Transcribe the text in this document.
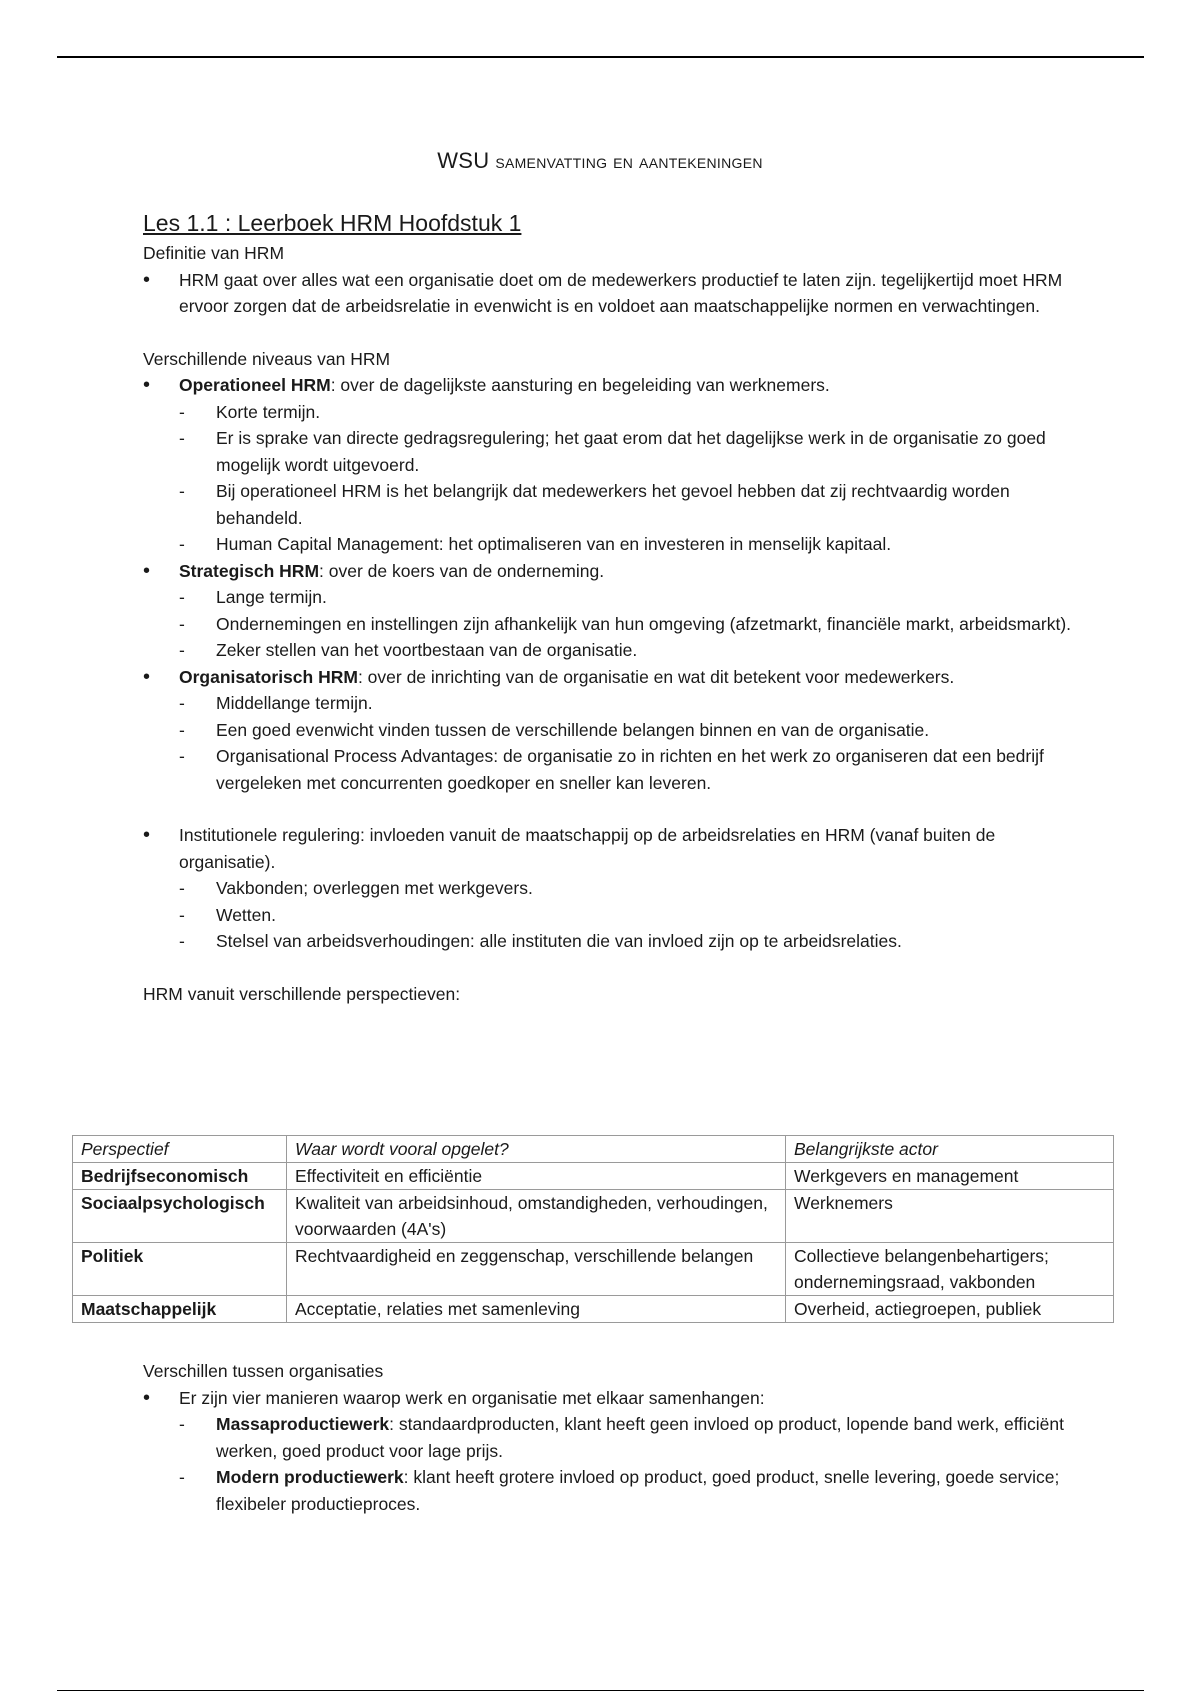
WSU samenvatting en aantekeningen
Les 1.1 : Leerboek HRM Hoofdstuk 1

Definitie van HRM

• HRM gaat over alles wat een organisatie doet om de medewerkers productief te laten zijn. tegelijkertijd moet HRM ervoor zorgen dat de arbeidsrelatie in evenwicht is en voldoet aan maatschappelijke normen en verwachtingen.

Verschillende niveaus van HRM

• Operationeel HRM: over de dagelijkste aansturing en begeleiding van werknemers.
- Korte termijn.
- Er is sprake van directe gedragsregulering; het gaat erom dat het dagelijkse werk in de organisatie zo goed mogelijk wordt uitgevoerd.
- Bij operationeel HRM is het belangrijk dat medewerkers het gevoel hebben dat zij rechtvaardig worden behandeld.
- Human Capital Management: het optimaliseren van en investeren in menselijk kapitaal.
• Strategisch HRM: over de koers van de onderneming.
- Lange termijn.
- Ondernemingen en instellingen zijn afhankelijk van hun omgeving (afzetmarkt, financiële markt, arbeidsmarkt).
- Zeker stellen van het voortbestaan van de organisatie.
• Organisatorisch HRM: over de inrichting van de organisatie en wat dit betekent voor medewerkers.
- Middellange termijn.
- Een goed evenwicht vinden tussen de verschillende belangen binnen en van de organisatie.
- Organisational Process Advantages: de organisatie zo in richten en het werk zo organiseren dat een bedrijf vergeleken met concurrenten goedkoper en sneller kan leveren.
• Institutionele regulering: invloeden vanuit de maatschappij op de arbeidsrelaties en HRM (vanaf buiten de organisatie).
- Vakbonden; overleggen met werkgevers.
- Wetten.
- Stelsel van arbeidsverhoudingen: alle instituten die van invloed zijn op te arbeidsrelaties.

HRM vanuit verschillende perspectieven:

Perspectief	Waar wordt vooral opgelet?	Belangrijkste actor
Bedrijfseconomisch	Effectiviteit en efficiëntie	Werkgevers en management
Sociaalpsychologisch	Kwaliteit van arbeidsinhoud, omstandigheden, verhoudingen, voorwaarden (4A's)	Werknemers
Politiek	Rechtvaardigheid en zeggenschap, verschillende belangen	Collectieve belangenbehartigers; ondernemingsraad, vakbonden
Maatschappelijk	Acceptatie, relaties met samenleving	Overheid, actiegroepen, publiek

Verschillen tussen organisaties

• Er zijn vier manieren waarop werk en organisatie met elkaar samenhangen:
- Massaproductiewerk: standaardproducten, klant heeft geen invloed op product, lopende band werk, efficiënt werken, goed product voor lage prijs.
- Modern productiewerk: klant heeft grotere invloed op product, goed product, snelle levering, goede service; flexibeler productieproces.
